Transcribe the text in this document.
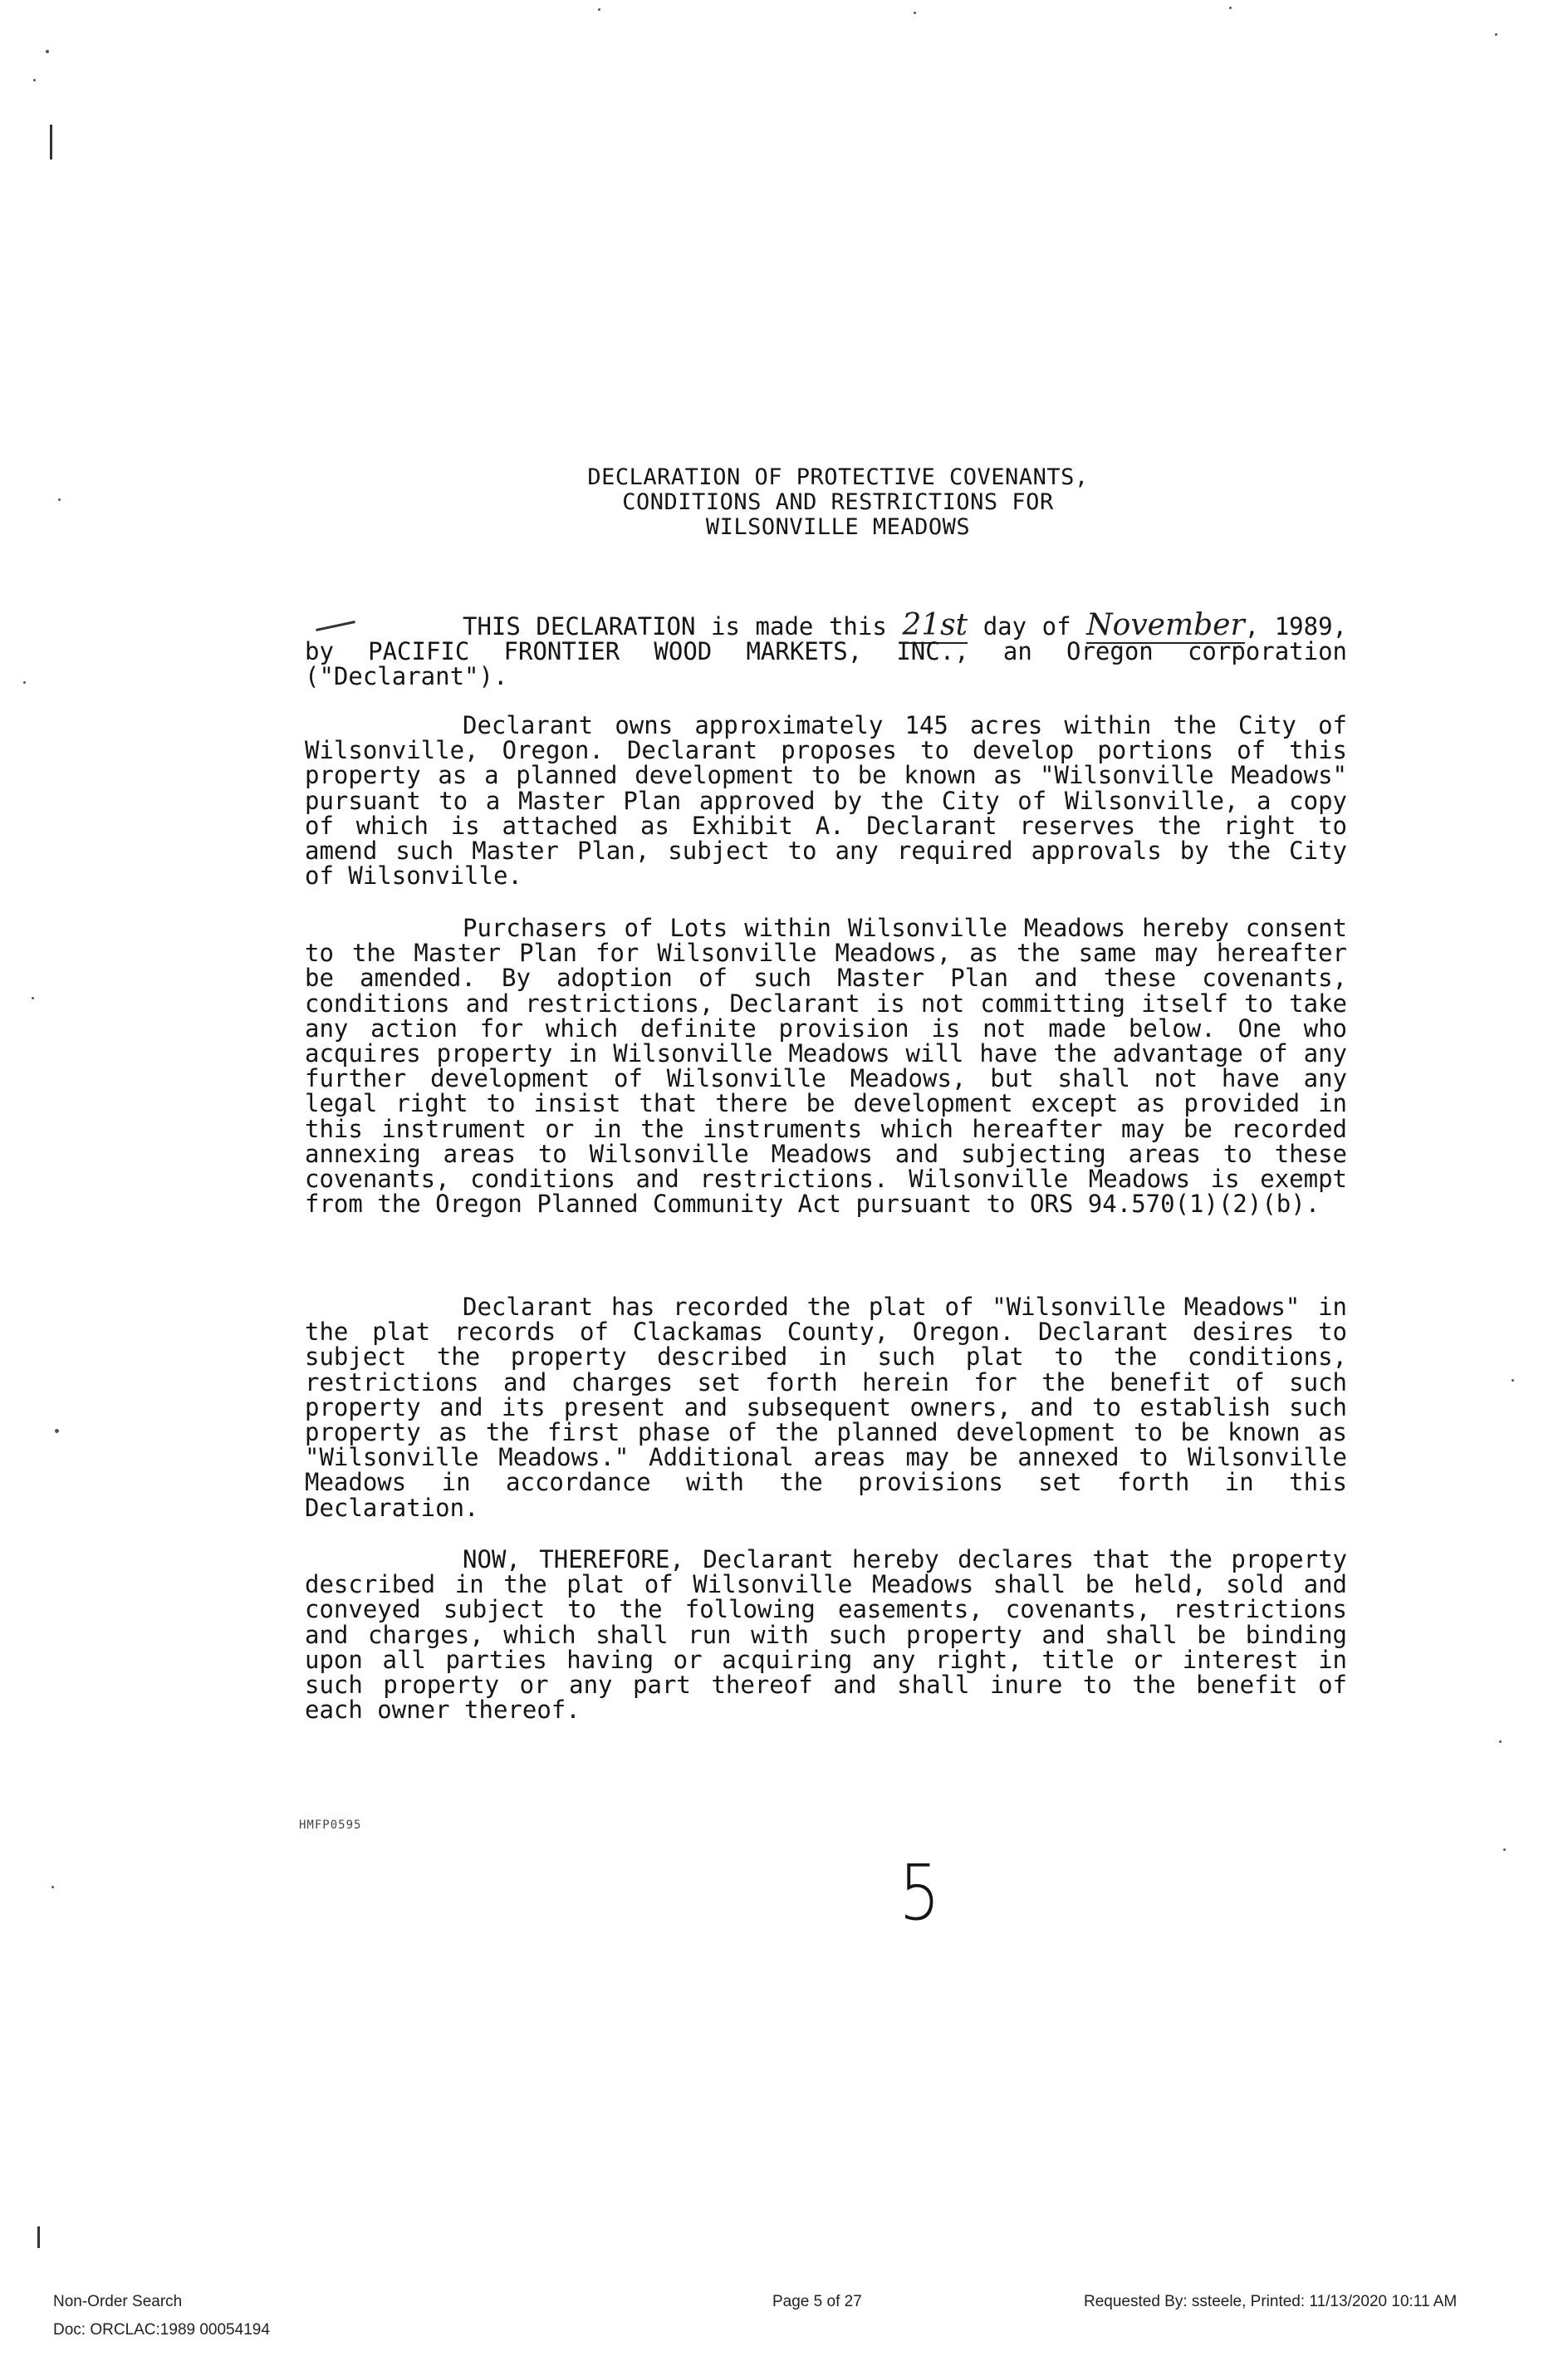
DECLARATION OF PROTECTIVE COVENANTS,
CONDITIONS AND RESTRICTIONS FOR
WILSONVILLE MEADOWS
THIS DECLARATION is made this 21st day of November, 1989, by PACIFIC FRONTIER WOOD MARKETS, INC., an Oregon corporation ("Declarant").
Declarant owns approximately 145 acres within the City of Wilsonville, Oregon. Declarant proposes to develop portions of this property as a planned development to be known as "Wilsonville Meadows" pursuant to a Master Plan approved by the City of Wilsonville, a copy of which is attached as Exhibit A. Declarant reserves the right to amend such Master Plan, subject to any required approvals by the City of Wilsonville.
Purchasers of Lots within Wilsonville Meadows hereby consent to the Master Plan for Wilsonville Meadows, as the same may hereafter be amended. By adoption of such Master Plan and these covenants, conditions and restrictions, Declarant is not committing itself to take any action for which definite provision is not made below. One who acquires property in Wilsonville Meadows will have the advantage of any further development of Wilsonville Meadows, but shall not have any legal right to insist that there be development except as provided in this instrument or in the instruments which hereafter may be recorded annexing areas to Wilsonville Meadows and subjecting areas to these covenants, conditions and restrictions. Wilsonville Meadows is exempt from the Oregon Planned Community Act pursuant to ORS 94.570(1)(2)(b).
Declarant has recorded the plat of "Wilsonville Meadows" in the plat records of Clackamas County, Oregon. Declarant desires to subject the property described in such plat to the conditions, restrictions and charges set forth herein for the benefit of such property and its present and subsequent owners, and to establish such property as the first phase of the planned development to be known as "Wilsonville Meadows." Additional areas may be annexed to Wilsonville Meadows in accordance with the provisions set forth in this Declaration.
NOW, THEREFORE, Declarant hereby declares that the property described in the plat of Wilsonville Meadows shall be held, sold and conveyed subject to the following easements, covenants, restrictions and charges, which shall run with such property and shall be binding upon all parties having or acquiring any right, title or interest in such property or any part thereof and shall inure to the benefit of each owner thereof.
HMFP0595
5
Non-Order Search
Doc: ORCLAC:1989 00054194
Page 5 of 27	Requested By: ssteele, Printed: 11/13/2020 10:11 AM
